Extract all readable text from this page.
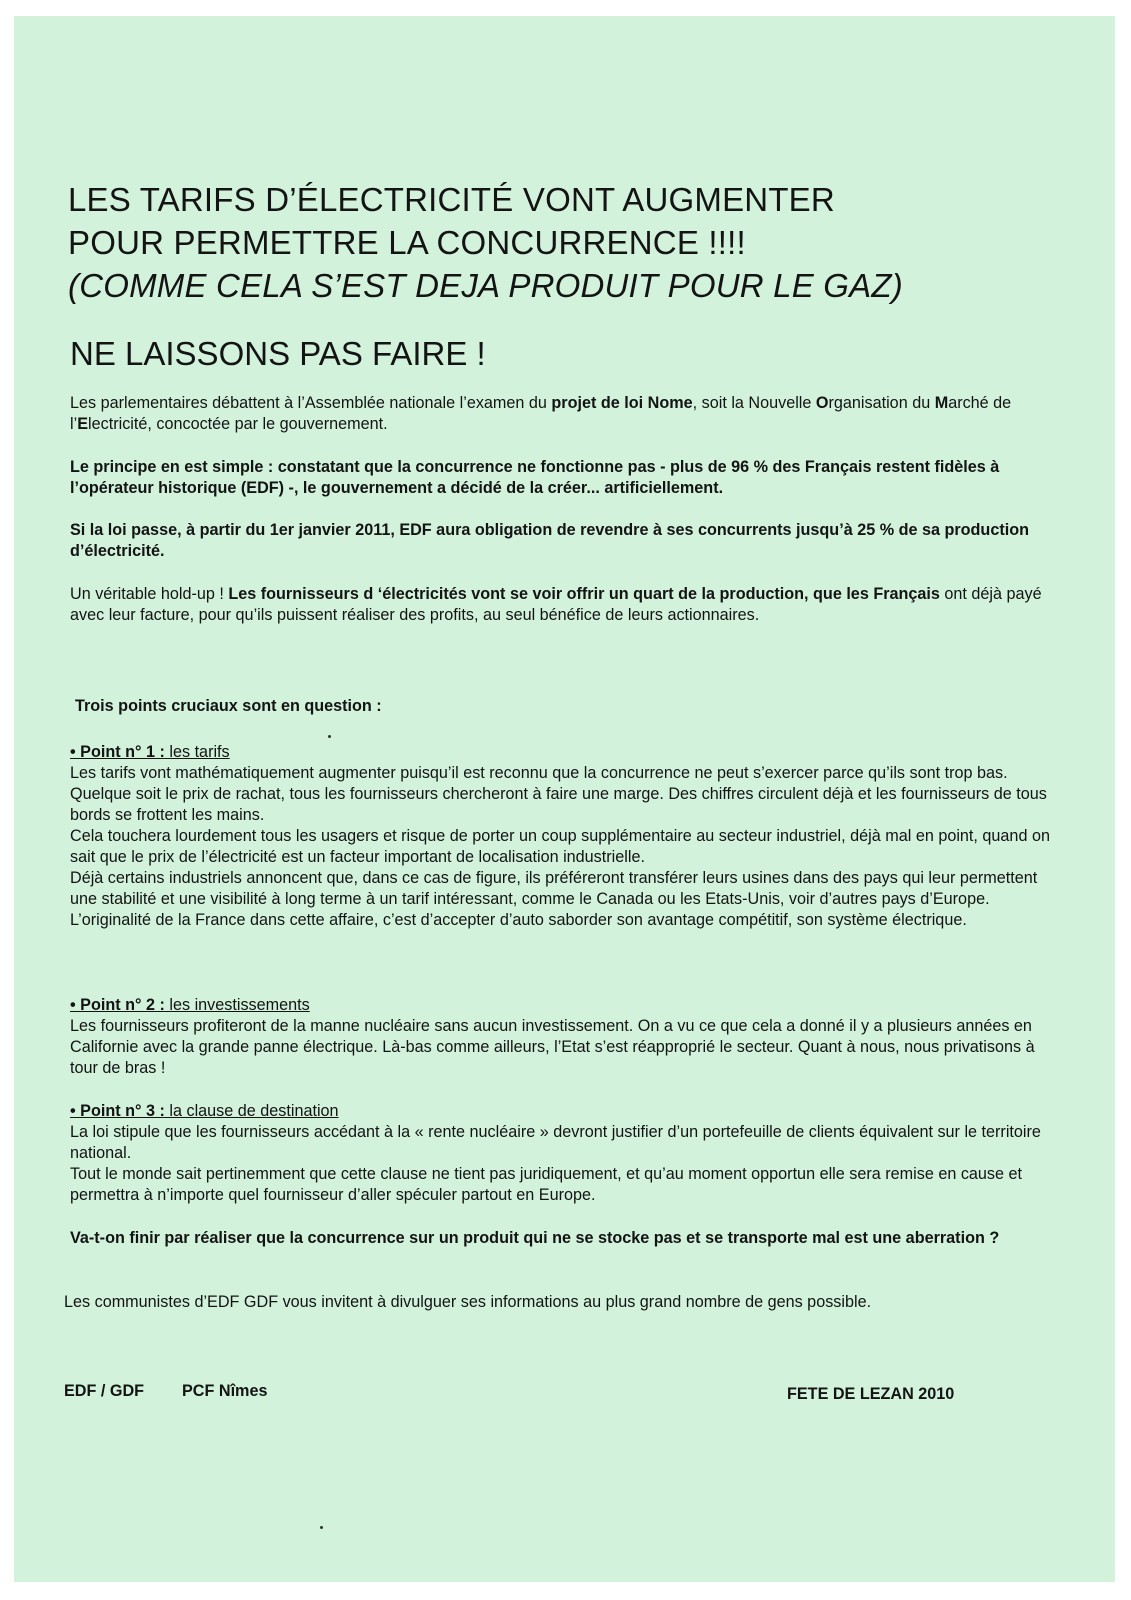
LES TARIFS D’ÉLECTRICITÉ VONT AUGMENTER
POUR PERMETTRE LA CONCURRENCE !!!!
(COMME CELA S’EST DEJA PRODUIT POUR LE GAZ)
NE LAISSONS PAS FAIRE !

Les parlementaires débattent à l’Assemblée nationale l’examen du projet de loi Nome, soit la Nouvelle Organisation du Marché de l’Electricité, concoctée par le gouvernement.

Le principe en est simple : constatant que la concurrence ne fonctionne pas - plus de 96 % des Français restent fidèles à l’opérateur historique (EDF) -, le gouvernement a décidé de la créer... artificiellement.

Si la loi passe, à partir du 1er janvier 2011, EDF aura obligation de revendre à ses concurrents jusqu’à 25 % de sa production d’électricité.

Un véritable hold-up ! Les fournisseurs d ‘électricités vont se voir offrir un quart de la production, que les Français ont déjà payé avec leur facture, pour qu’ils puissent réaliser des profits, au seul bénéfice de leurs actionnaires.

Trois points cruciaux sont en question :

• Point n° 1 : les tarifs
Les tarifs vont mathématiquement augmenter puisqu’il est reconnu que la concurrence ne peut s’exercer parce qu’ils sont trop bas. Quelque soit le prix de rachat, tous les fournisseurs chercheront à faire une marge. Des chiffres circulent déjà et les fournisseurs de tous bords se frottent les mains.
Cela touchera lourdement tous les usagers et risque de porter un coup supplémentaire au secteur industriel, déjà mal en point, quand on sait que le prix de l’électricité est un facteur important de localisation industrielle.
Déjà certains industriels annoncent que, dans ce cas de figure, ils préféreront transférer leurs usines dans des pays qui leur permettent une stabilité et une visibilité à long terme à un tarif intéressant, comme le Canada ou les Etats-Unis, voir d’autres pays d’Europe.
L’originalité de la France dans cette affaire, c’est d’accepter d’auto saborder son avantage compétitif, son système électrique.

• Point n° 2 : les investissements
Les fournisseurs profiteront de la manne nucléaire sans aucun investissement. On a vu ce que cela a donné il y a plusieurs années en Californie avec la grande panne électrique. Là-bas comme ailleurs, l’Etat s’est réapproprié le secteur. Quant à nous, nous privatisons à tour de bras !

• Point n° 3 : la clause de destination
La loi stipule que les fournisseurs accédant à la « rente nucléaire » devront justifier d’un portefeuille de clients équivalent sur le territoire national.
Tout le monde sait pertinemment que cette clause ne tient pas juridiquement, et qu’au moment opportun elle sera remise en cause et permettra à n’importe quel fournisseur d’aller spéculer partout en Europe.

Va-t-on finir par réaliser que la concurrence sur un produit qui ne se stocke pas et se transporte mal est une aberration ?

Les communistes d’EDF GDF vous invitent à divulguer ses informations au plus grand nombre de gens possible.

EDF / GDF PCF Nîmes	FETE DE LEZAN 2010
